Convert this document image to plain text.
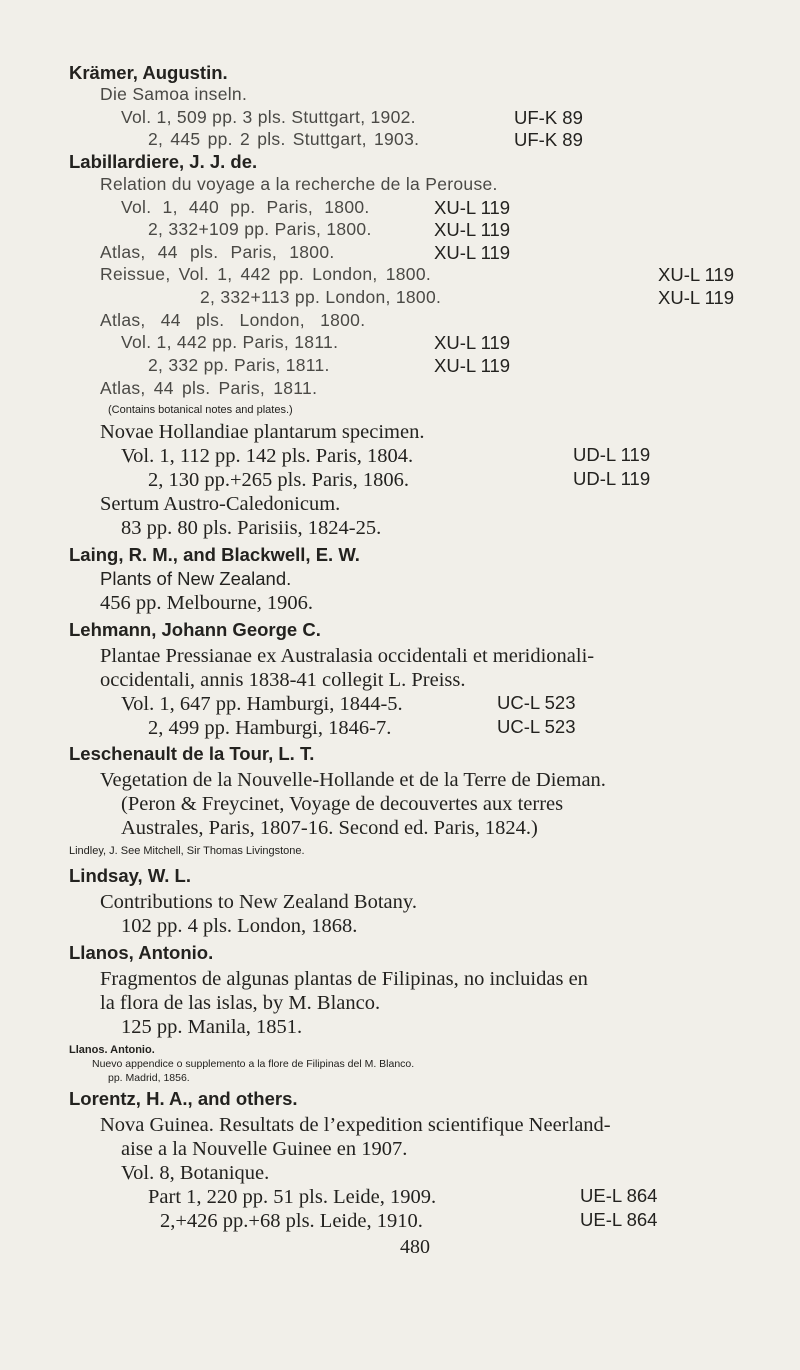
Krämer, Augustin.
Die Samoa inseln.
Vol. 1, 509 pp. 3 pls. Stuttgart, 1902.
2, 445 pp. 2 pls. Stuttgart, 1903.
Labillardiere, J. J. de.
Relation du voyage a la recherche de la Perouse.
Vol. 1, 440 pp. Paris, 1800.
2, 332+109 pp. Paris, 1800.
Atlas, 44 pls. Paris, 1800.
Reissue, Vol. 1, 442 pp. London, 1800.
2, 332+113 pp. London, 1800.
Atlas, 44 pls. London, 1800.
Vol. 1, 442 pp. Paris, 1811.
2, 332 pp. Paris, 1811.
Atlas, 44 pls. Paris, 1811.
(Contains botanical notes and plates.)
Novae Hollandiae plantarum specimen.
Vol. 1, 112 pp. 142 pls. Paris, 1804.
2, 130 pp.+265 pls. Paris, 1806.
Sertum Austro-Caledonicum.
83 pp. 80 pls. Parisiis, 1824-25.
Laing, R. M., and Blackwell, E. W.
Plants of New Zealand.
456 pp. Melbourne, 1906.
Lehmann, Johann George C.
Plantae Pressianae ex Australasia occidentali et meridionali-
occidentali, annis 1838-41 collegit L. Preiss.
Vol. 1, 647 pp. Hamburgi, 1844-5.
2, 499 pp. Hamburgi, 1846-7.
Leschenault de la Tour, L. T.
Vegetation de la Nouvelle-Hollande et de la Terre de Dieman.
(Peron & Freycinet, Voyage de decouvertes aux terres
Australes, Paris, 1807-16. Second ed. Paris, 1824.)
Lindley, J. See Mitchell, Sir Thomas Livingstone.
Lindsay, W. L.
Contributions to New Zealand Botany.
102 pp. 4 pls. London, 1868.
Llanos, Antonio.
Fragmentos de algunas plantas de Filipinas, no incluidas en
la flora de las islas, by M. Blanco.
125 pp. Manila, 1851.
Llanos. Antonio.
Nuevo appendice o supplemento a la flore de Filipinas del M. Blanco.
pp. Madrid, 1856.
Lorentz, H. A., and others.
Nova Guinea. Resultats de l’expedition scientifique Neerland-
aise a la Nouvelle Guinee en 1907.
Vol. 8, Botanique.
Part 1, 220 pp. 51 pls. Leide, 1909.
2,+426 pp.+68 pls. Leide, 1910.
UF-K 89
UF-K 89
XU-L 119
XU-L 119
XU-L 119
XU-L 119
XU-L 119
XU-L 119
XU-L 119
UD-L 119
UD-L 119
UC-L 523
UC-L 523
UE-L 864
UE-L 864
480
